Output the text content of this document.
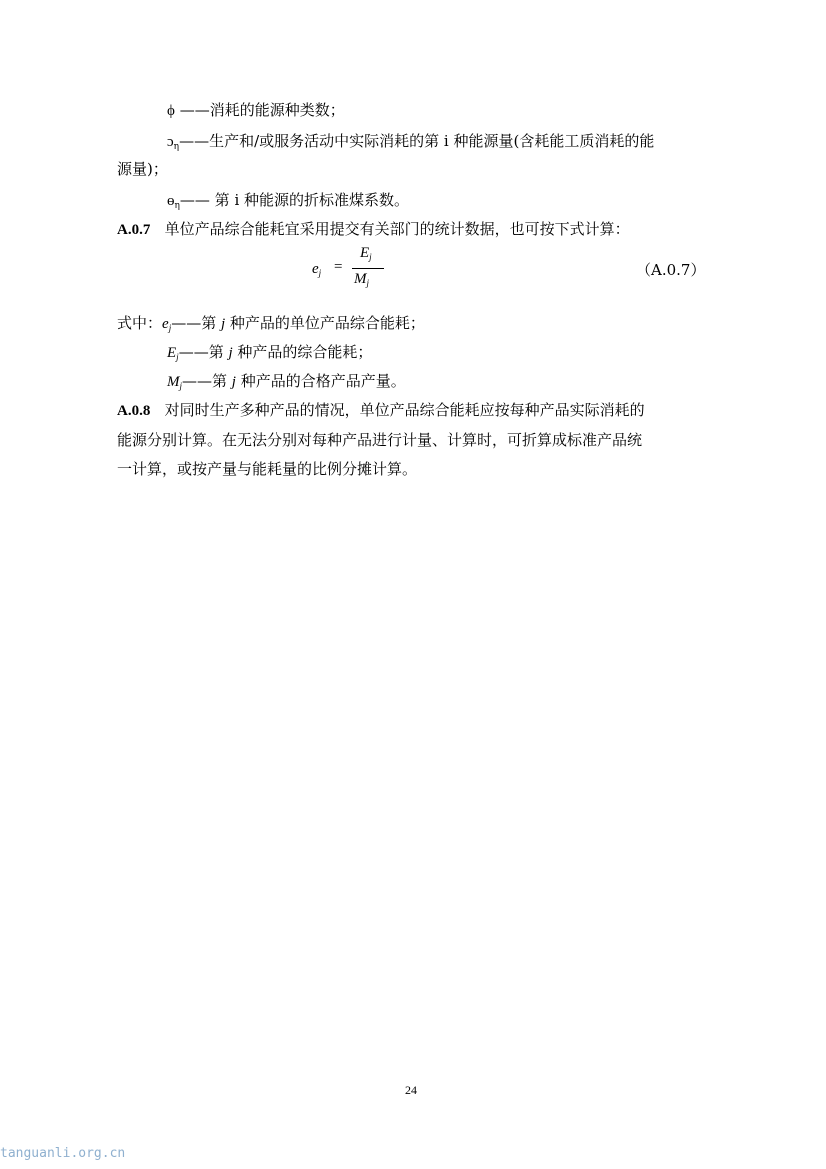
ϕ ——消耗的能源种类数；
ɔ$_\eta$——生产和/或服务活动中实际消耗的第 i 种能源量(含耗能工质消耗的能
源量)；
ɵ$_\eta$—— 第 i 种能源的折标准煤系数。
A.0.7 单位产品综合能耗宜采用提交有关部门的统计数据，也可按下式计算：
$e_j$ =
$E_j$
$M_j$
（A.0.7）
式中：$e_j——$第 j 种产品的单位产品综合能耗；
$E_j——$第 j 种产品的综合能耗；
$M_j——$第 j 种产品的合格产品产量。
A.0.8 对同时生产多种产品的情况，单位产品综合能耗应按每种产品实际消耗的
能源分别计算。在无法分别对每种产品进行计量、计算时，可折算成标准产品统
一计算，或按产量与能耗量的比例分摊计算。
24
tanguanli.org.cn
